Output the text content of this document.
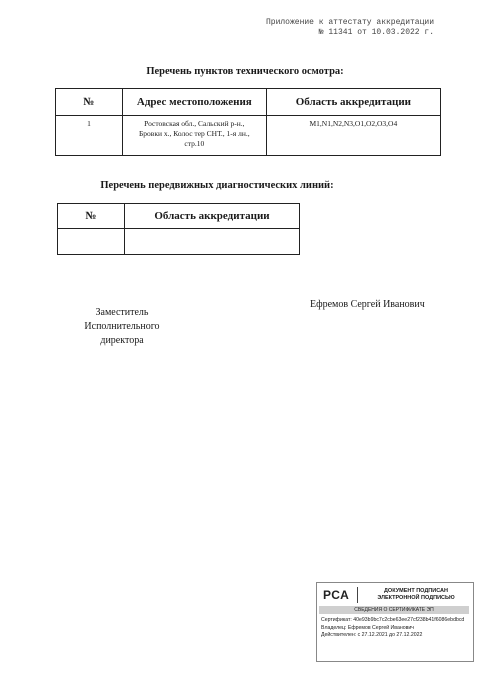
Приложение к аттестату аккредитации
№ 11341 от 10.03.2022 г.
Перечень пунктов технического осмотра:
№	Адрес местоположения	Область аккредитации
1	Ростовская обл., Сальский р-н.,
Бровки х., Колос тер СНТ., 1-я лн.,
стр.10	M1,N1,N2,N3,O1,O2,O3,O4
Перечень передвижных диагностических линий:
№	Область аккредитации

Заместитель
Исполнительного
директора
Ефремов Сергей Иванович
РСА	ДОКУМЕНТ ПОДПИСАН
ЭЛЕКТРОННОЙ ПОДПИСЬЮ
СВЕДЕНИЯ О СЕРТИФИКАТЕ ЭП
Сертификат: 40e93b9bc7c2cbe63ee27cf238b41f6086ebdbcd
Владелец: Ефремов Сергей Иванович
Действителен: с 27.12.2021 до 27.12.2022
